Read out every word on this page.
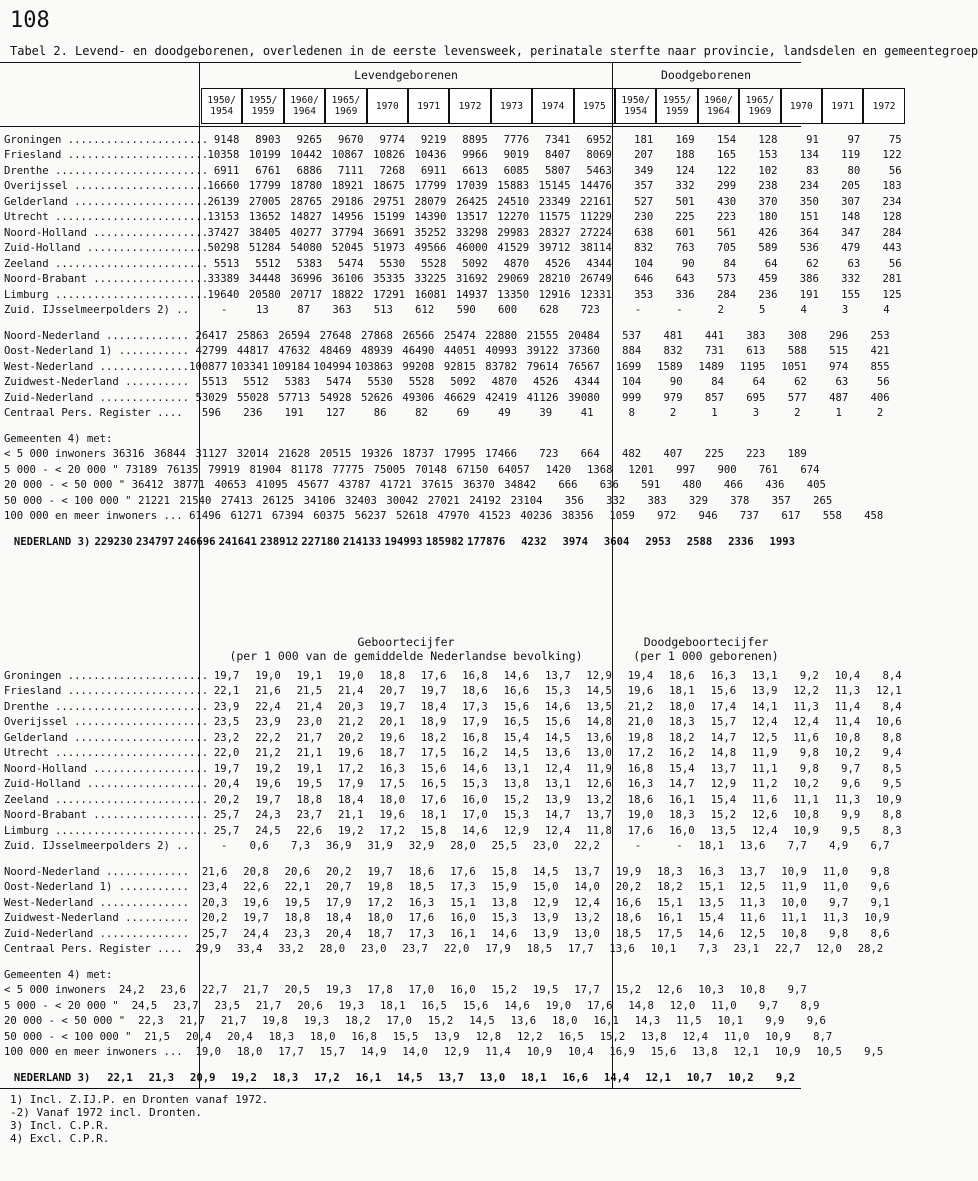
108
Tabel 2. Levend- en doodgeborenen, overledenen in de eerste levensweek, perinatale sterfte naar provincie, landsdelen en gemeentegroep
Levendgeborenen	Doodgeborenen
1950/
1954
1955/
1959
1960/
1964
1965/
1969	1970	1971	1972	1973	1974	1975	1950/
1954
1955/
1959
1960/
1964
1965/
1969	1970	1971	1972
Groningen ...................... 9148	8903	9265	9670	9774	9219	8895	7776	7341	6952	181	169	154	128	91	97	75
Friesland ...................... 10358 10199 10442 10867 10826 10436	9966	9019	8407	8069	207	188	165	153	134	119	122
Drenthe ........................ 6911	6761	6886	7111	7268	6911	6613	6085	5807	5463	349	124	122	102	83	80	56
Overijssel ..................... 16660 17799 18780 18921 18675 17799 17039 15883 15145 14476	357	332	299	238	234	205	183
Gelderland ..................... 26139 27005 28765 29186 29751 28079 26425 24510 23349 22161	527	501	430	370	350	307	234
Utrecht ........................ 13153 13652 14827 14956 15199 14390 13517 12270 11575 11229	230	225	223	180	151	148	128
Noord-Holland .................. 37427 38405 40277 37794 36691 35252 33298 29983 28327 27224	638	601	561	426	364	347	284
Zuid-Holland ................... 50298 51284 54080 52045 51973 49566 46000 41529 39712 38114	832	763	705	589	536	479	443
Zeeland ........................ 5513	5512	5383	5474	5530	5528	5092	4870	4526	4344	104	90	84	64	62	63	56
Noord-Brabant .................. 33389 34448 36996 36106 35335 33225 31692 29069 28210 26749	646	643	573	459	386	332	281
Limburg ........................ 19640 20580 20717 18822 17291 16081 14937 13350 12916 12331	353	336	284	236	191	155	125
Zuid. IJsselmeerpolders 2) ..	-	13	87	363	513	612	590	600	628	723	-	-	2	5	4	3	4
Noord-Nederland ............. 26417 25863 26594 27648 27868 26566 25474 22880 21555 20484	537	481	441	383	308	296	253
Oost-Nederland 1) ........... 42799 44817 47632 48469 48939 46490 44051 40993 39122 37360	884	832	731	613	588	515	421
West-Nederland .............. 100877 103341 109184 104994 103863 99208 92815 83782 79614 76567	1699	1589	1489	1195	1051	974	855
Zuidwest-Nederland ..........	5513	5512	5383	5474	5530	5528	5092	4870	4526	4344	104	90	84	64	62	63	56
Zuid-Nederland .............. 53029 55028 57713 54928 52626 49306 46629 42419 41126 39080	999	979	857	695	577	487	406
Centraal Pers. Register ....	596	236	191	127	86	82	69	49	39	41	8	2	1	3	2	1	2
Gemeenten 4) met:
< 5 000 inwoners 36316 36844 31127 32014 21628 20515 19326 18737 17995 17466	723	664	482	407	225	223	189
5 000 - < 20 000 " 73189 76135 79919 81904 81178 77775 75005 70148 67150 64057	1420	1368	1201	997	900	761	674
20 000 - < 50 000 " 36412 38771 40653 41095 45677 43787 41721 37615 36370 34842	666	636	591	480	466	436	405
50 000 - < 100 000 " 21221 21540 27413 26125 34106 32403 30042 27021 24192 23104	356	332	383	329	378	357	265
100 000 en meer inwoners ... 61496 61271 67394 60375 56237 52618 47970 41523 40236 38356	1059	972	946	737	617	558	458
NEDERLAND 3) 229230 234797 246696 241641 238912 227180 214133 194993 185982 177876	4232	3974	3604	2953	2588	2336	1993
Geboortecijfer
(per 1 000 van de gemiddelde Nederlandse bevolking)
Doodgeboortecijfer
(per 1 000 geborenen)
Groningen ...................... 19,7	19,0	19,1	19,0	18,8	17,6	16,8	14,6	13,7	12,9	19,4	18,6	16,3	13,1	9,2	10,4	8,4
Friesland ...................... 22,1	21,6	21,5	21,4	20,7	19,7	18,6	16,6	15,3	14,5	19,6	18,1	15,6	13,9	12,2	11,3	12,1
Drenthe ........................ 23,9	22,4	21,4	20,3	19,7	18,4	17,3	15,6	14,6	13,5	21,2	18,0	17,4	14,1	11,3	11,4	8,4
Overijssel ..................... 23,5	23,9	23,0	21,2	20,1	18,9	17,9	16,5	15,6	14,8	21,0	18,3	15,7	12,4	12,4	11,4	10,6
Gelderland ..................... 23,2	22,2	21,7	20,2	19,6	18,2	16,8	15,4	14,5	13,6	19,8	18,2	14,7	12,5	11,6	10,8	8,8
Utrecht ........................ 22,0	21,2	21,1	19,6	18,7	17,5	16,2	14,5	13,6	13,0	17,2	16,2	14,8	11,9	9,8	10,2	9,4
Noord-Holland .................. 19,7	19,2	19,1	17,2	16,3	15,6	14,6	13,1	12,4	11,9	16,8	15,4	13,7	11,1	9,8	9,7	8,5
Zuid-Holland ................... 20,4	19,6	19,5	17,9	17,5	16,5	15,3	13,8	13,1	12,6	16,3	14,7	12,9	11,2	10,2	9,6	9,5
Zeeland ........................ 20,2	19,7	18,8	18,4	18,0	17,6	16,0	15,2	13,9	13,2	18,6	16,1	15,4	11,6	11,1	11,3	10,9
Noord-Brabant .................. 25,7	24,3	23,7	21,1	19,6	18,1	17,0	15,3	14,7	13,7	19,0	18,3	15,2	12,6	10,8	9,9	8,8
Limburg ........................ 25,7	24,5	22,6	19,2	17,2	15,8	14,6	12,9	12,4	11,8	17,6	16,0	13,5	12,4	10,9	9,5	8,3
Zuid. IJsselmeerpolders 2) ..	-	0,6	7,3	36,9	31,9	32,9	28,0	25,5	23,0	22,2	-	-	18,1	13,6	7,7	4,9	6,7
Noord-Nederland .............	21,6	20,8	20,6	20,2	19,7	18,6	17,6	15,8	14,5	13,7	19,9	18,3	16,3	13,7	10,9	11,0	9,8
Oost-Nederland 1) ...........	23,4	22,6	22,1	20,7	19,8	18,5	17,3	15,9	15,0	14,0	20,2	18,2	15,1	12,5	11,9	11,0	9,6
West-Nederland ..............	20,3	19,6	19,5	17,9	17,2	16,3	15,1	13,8	12,9	12,4	16,6	15,1	13,5	11,3	10,0	9,7	9,1
Zuidwest-Nederland ..........	20,2	19,7	18,8	18,4	18,0	17,6	16,0	15,3	13,9	13,2	18,6	16,1	15,4	11,6	11,1	11,3	10,9
Zuid-Nederland ..............	25,7	24,4	23,3	20,4	18,7	17,3	16,1	14,6	13,9	13,0	18,5	17,5	14,6	12,5	10,8	9,8	8,6
Centraal Pers. Register ....	29,9	33,4	33,2	28,0	23,0	23,7	22,0	17,9	18,5	17,7	13,6	10,1	7,3	23,1	22,7	12,0	28,2
Gemeenten 4) met:
< 5 000 inwoners	24,2	23,6	22,7	21,7	20,5	19,3	17,8	17,0	16,0	15,2	19,5	17,7	15,2	12,6	10,3	10,8	9,7
5 000 - < 20 000 "	24,5	23,7	23,5	21,7	20,6	19,3	18,1	16,5	15,6	14,6	19,0	17,6	14,8	12,0	11,0	9,7	8,9
20 000 - < 50 000 "	22,3	21,7	21,7	19,8	19,3	18,2	17,0	15,2	14,5	13,6	18,0	16,1	14,3	11,5	10,1	9,9	9,6
50 000 - < 100 000 "	21,5	20,4	20,4	18,3	18,0	16,8	15,5	13,9	12,8	12,2	16,5	15,2	13,8	12,4	11,0	10,9	8,7
100 000 en meer inwoners ...	19,0	18,0	17,7	15,7	14,9	14,0	12,9	11,4	10,9	10,4	16,9	15,6	13,8	12,1	10,9	10,5	9,5
NEDERLAND 3)	22,1	21,3	20,9	19,2	18,3	17,2	16,1	14,5	13,7	13,0	18,1	16,6	14,4	12,1	10,7	10,2	9,2
1) Incl. Z.IJ.P. en Dronten vanaf 1972.
-2) Vanaf 1972 incl. Dronten.
3) Incl. C.P.R.
4) Excl. C.P.R.
